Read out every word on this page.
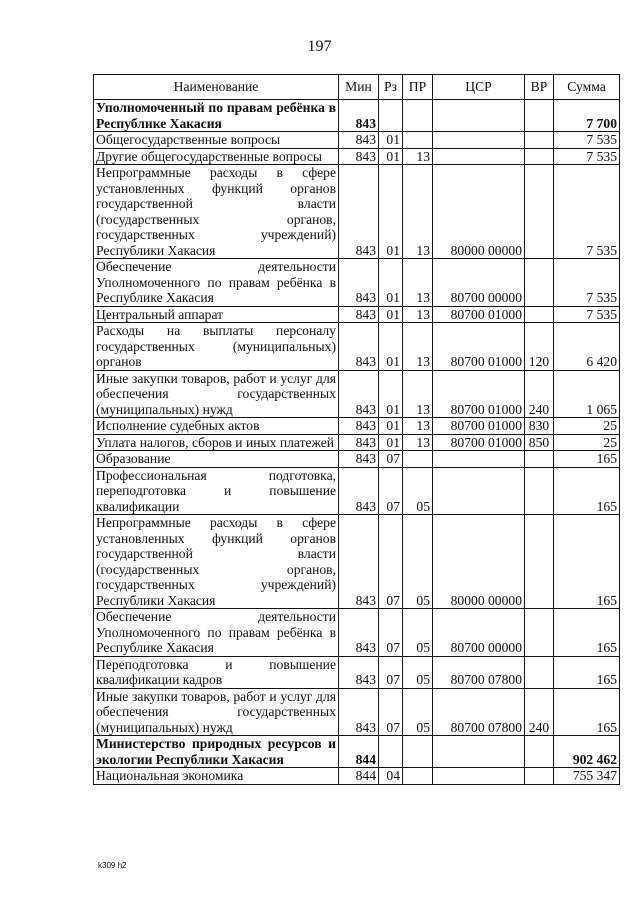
197
Наименование	Мин	Рз	ПР	ЦСР	ВР	Сумма
Уполномоченный по правам ребёнка в Республике Хакасия	843					7 700
Общегосударственные вопросы	843	01				7 535
Другие общегосударственные вопросы	843	01	13			7 535
Непрограммные расходы в сфере установленных функций органов государственной власти (государственных органов, государственных учреждений) Республики Хакасия	843	01	13	80000 00000		7 535
Обеспечение деятельности Уполномоченного по правам ребёнка в Республике Хакасия	843	01	13	80700 00000		7 535
Центральный аппарат	843	01	13	80700 01000		7 535
Расходы на выплаты персоналу государственных (муниципальных) органов	843	01	13	80700 01000	120	6 420
Иные закупки товаров, работ и услуг для обеспечения государственных (муниципальных) нужд	843	01	13	80700 01000	240	1 065
Исполнение судебных актов	843	01	13	80700 01000	830	25
Уплата налогов, сборов и иных платежей	843	01	13	80700 01000	850	25
Образование	843	07				165
Профессиональная подготовка, переподготовка и повышение квалификации	843	07	05			165
Непрограммные расходы в сфере установленных функций органов государственной власти (государственных органов, государственных учреждений) Республики Хакасия	843	07	05	80000 00000		165
Обеспечение деятельности Уполномоченного по правам ребёнка в Республике Хакасия	843	07	05	80700 00000		165
Переподготовка и повышение квалификации кадров	843	07	05	80700 07800		165
Иные закупки товаров, работ и услуг для обеспечения государственных (муниципальных) нужд	843	07	05	80700 07800	240	165
Министерство природных ресурсов и экологии Республики Хакасия	844					902 462
Национальная экономика	844	04				755 347
k309 h2
